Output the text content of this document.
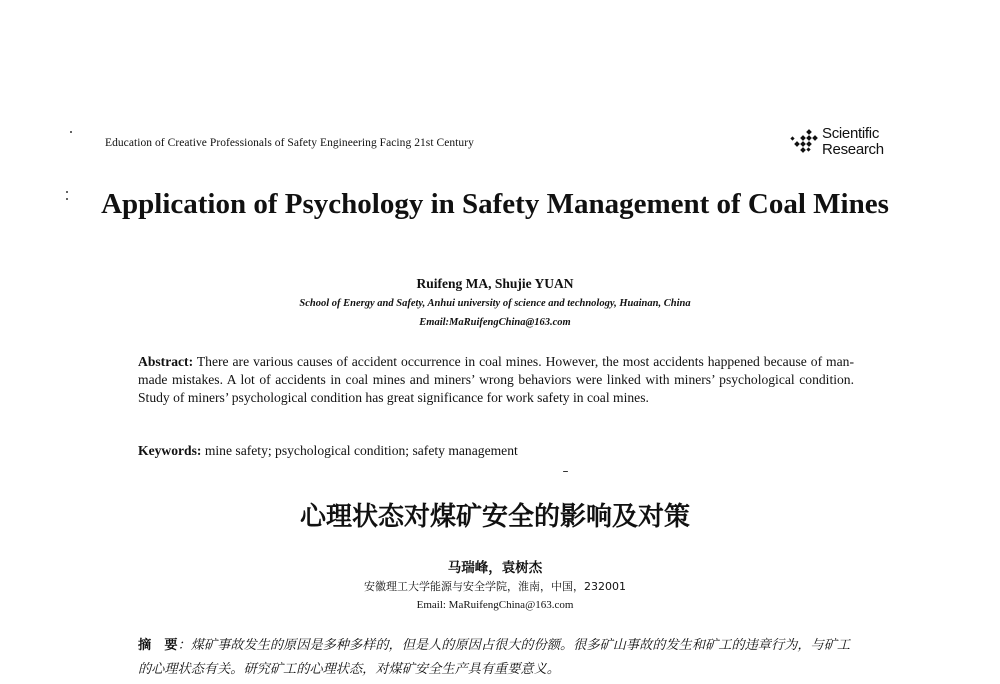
Education of Creative Professionals of Safety Engineering Facing 21st Century
Scientific
Research
Application of Psychology in Safety Management of Coal Mines
Ruifeng MA, Shujie YUAN
School of Energy and Safety, Anhui university of science and technology, Huainan, China
Email:MaRuifengChina@163.com
Abstract: There are various causes of accident occurrence in coal mines. However, the most accidents happened because of man-made mistakes. A lot of accidents in coal mines and miners’ wrong behaviors were linked with miners’ psychological condition. Study of miners’ psychological condition has great significance for work safety in coal mines.
Keywords: mine safety; psychological condition; safety management
心理状态对煤矿安全的影响及对策
马瑞峰，袁树杰
安徽理工大学能源与安全学院，淮南，中国，232001
Email: MaRuifengChina@163.com
摘　要：煤矿事故发生的原因是多种多样的，但是人的原因占很大的份额。很多矿山事故的发生和矿工的违章行为，与矿工的心理状态有关。研究矿工的心理状态，对煤矿安全生产具有重要意义。
